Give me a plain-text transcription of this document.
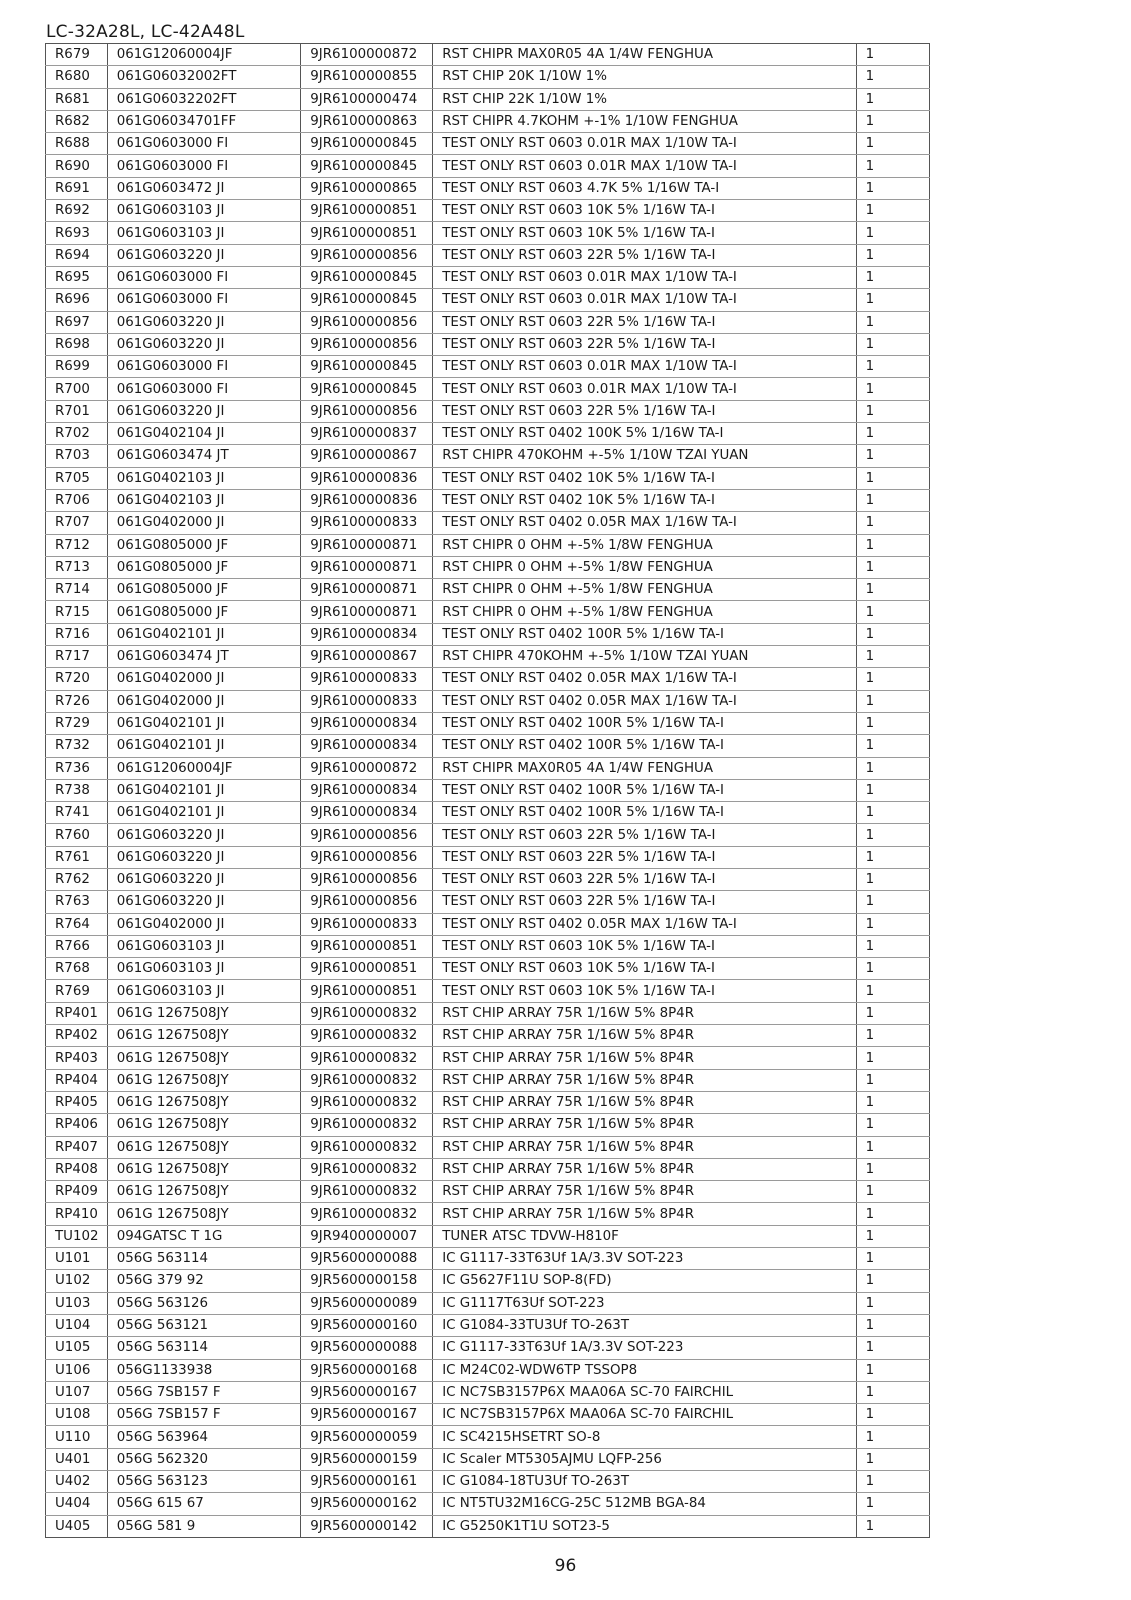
LC-32A28L, LC-42A48L
R679	061G12060004JF	9JR6100000872	RST CHIPR MAX0R05 4A 1/4W FENGHUA	1
R680	061G06032002FT	9JR6100000855	RST CHIP 20K 1/10W 1%	1
R681	061G06032202FT	9JR6100000474	RST CHIP 22K 1/10W 1%	1
R682	061G06034701FF	9JR6100000863	RST CHIPR 4.7KOHM +-1% 1/10W FENGHUA	1
R688	061G0603000 FI	9JR6100000845	TEST ONLY RST 0603 0.01R MAX 1/10W TA-I	1
R690	061G0603000 FI	9JR6100000845	TEST ONLY RST 0603 0.01R MAX 1/10W TA-I	1
R691	061G0603472 JI	9JR6100000865	TEST ONLY RST 0603 4.7K 5% 1/16W TA-I	1
R692	061G0603103 JI	9JR6100000851	TEST ONLY RST 0603 10K 5% 1/16W TA-I	1
R693	061G0603103 JI	9JR6100000851	TEST ONLY RST 0603 10K 5% 1/16W TA-I	1
R694	061G0603220 JI	9JR6100000856	TEST ONLY RST 0603 22R 5% 1/16W TA-I	1
R695	061G0603000 FI	9JR6100000845	TEST ONLY RST 0603 0.01R MAX 1/10W TA-I	1
R696	061G0603000 FI	9JR6100000845	TEST ONLY RST 0603 0.01R MAX 1/10W TA-I	1
R697	061G0603220 JI	9JR6100000856	TEST ONLY RST 0603 22R 5% 1/16W TA-I	1
R698	061G0603220 JI	9JR6100000856	TEST ONLY RST 0603 22R 5% 1/16W TA-I	1
R699	061G0603000 FI	9JR6100000845	TEST ONLY RST 0603 0.01R MAX 1/10W TA-I	1
R700	061G0603000 FI	9JR6100000845	TEST ONLY RST 0603 0.01R MAX 1/10W TA-I	1
R701	061G0603220 JI	9JR6100000856	TEST ONLY RST 0603 22R 5% 1/16W TA-I	1
R702	061G0402104 JI	9JR6100000837	TEST ONLY RST 0402 100K 5% 1/16W TA-I	1
R703	061G0603474 JT	9JR6100000867	RST CHIPR 470KOHM +-5% 1/10W TZAI YUAN	1
R705	061G0402103 JI	9JR6100000836	TEST ONLY RST 0402 10K 5% 1/16W TA-I	1
R706	061G0402103 JI	9JR6100000836	TEST ONLY RST 0402 10K 5% 1/16W TA-I	1
R707	061G0402000 JI	9JR6100000833	TEST ONLY RST 0402 0.05R MAX 1/16W TA-I	1
R712	061G0805000 JF	9JR6100000871	RST CHIPR 0 OHM +-5% 1/8W FENGHUA	1
R713	061G0805000 JF	9JR6100000871	RST CHIPR 0 OHM +-5% 1/8W FENGHUA	1
R714	061G0805000 JF	9JR6100000871	RST CHIPR 0 OHM +-5% 1/8W FENGHUA	1
R715	061G0805000 JF	9JR6100000871	RST CHIPR 0 OHM +-5% 1/8W FENGHUA	1
R716	061G0402101 JI	9JR6100000834	TEST ONLY RST 0402 100R 5% 1/16W TA-I	1
R717	061G0603474 JT	9JR6100000867	RST CHIPR 470KOHM +-5% 1/10W TZAI YUAN	1
R720	061G0402000 JI	9JR6100000833	TEST ONLY RST 0402 0.05R MAX 1/16W TA-I	1
R726	061G0402000 JI	9JR6100000833	TEST ONLY RST 0402 0.05R MAX 1/16W TA-I	1
R729	061G0402101 JI	9JR6100000834	TEST ONLY RST 0402 100R 5% 1/16W TA-I	1
R732	061G0402101 JI	9JR6100000834	TEST ONLY RST 0402 100R 5% 1/16W TA-I	1
R736	061G12060004JF	9JR6100000872	RST CHIPR MAX0R05 4A 1/4W FENGHUA	1
R738	061G0402101 JI	9JR6100000834	TEST ONLY RST 0402 100R 5% 1/16W TA-I	1
R741	061G0402101 JI	9JR6100000834	TEST ONLY RST 0402 100R 5% 1/16W TA-I	1
R760	061G0603220 JI	9JR6100000856	TEST ONLY RST 0603 22R 5% 1/16W TA-I	1
R761	061G0603220 JI	9JR6100000856	TEST ONLY RST 0603 22R 5% 1/16W TA-I	1
R762	061G0603220 JI	9JR6100000856	TEST ONLY RST 0603 22R 5% 1/16W TA-I	1
R763	061G0603220 JI	9JR6100000856	TEST ONLY RST 0603 22R 5% 1/16W TA-I	1
R764	061G0402000 JI	9JR6100000833	TEST ONLY RST 0402 0.05R MAX 1/16W TA-I	1
R766	061G0603103 JI	9JR6100000851	TEST ONLY RST 0603 10K 5% 1/16W TA-I	1
R768	061G0603103 JI	9JR6100000851	TEST ONLY RST 0603 10K 5% 1/16W TA-I	1
R769	061G0603103 JI	9JR6100000851	TEST ONLY RST 0603 10K 5% 1/16W TA-I	1
RP401	061G 1267508JY	9JR6100000832	RST CHIP ARRAY 75R 1/16W 5% 8P4R	1
RP402	061G 1267508JY	9JR6100000832	RST CHIP ARRAY 75R 1/16W 5% 8P4R	1
RP403	061G 1267508JY	9JR6100000832	RST CHIP ARRAY 75R 1/16W 5% 8P4R	1
RP404	061G 1267508JY	9JR6100000832	RST CHIP ARRAY 75R 1/16W 5% 8P4R	1
RP405	061G 1267508JY	9JR6100000832	RST CHIP ARRAY 75R 1/16W 5% 8P4R	1
RP406	061G 1267508JY	9JR6100000832	RST CHIP ARRAY 75R 1/16W 5% 8P4R	1
RP407	061G 1267508JY	9JR6100000832	RST CHIP ARRAY 75R 1/16W 5% 8P4R	1
RP408	061G 1267508JY	9JR6100000832	RST CHIP ARRAY 75R 1/16W 5% 8P4R	1
RP409	061G 1267508JY	9JR6100000832	RST CHIP ARRAY 75R 1/16W 5% 8P4R	1
RP410	061G 1267508JY	9JR6100000832	RST CHIP ARRAY 75R 1/16W 5% 8P4R	1
TU102	094GATSC T 1G	9JR9400000007	TUNER ATSC TDVW-H810F	1
U101	056G 563114	9JR5600000088	IC G1117-33T63Uf 1A/3.3V SOT-223	1
U102	056G 379 92	9JR5600000158	IC G5627F11U SOP-8(FD)	1
U103	056G 563126	9JR5600000089	IC G1117T63Uf SOT-223	1
U104	056G 563121	9JR5600000160	IC G1084-33TU3Uf TO-263T	1
U105	056G 563114	9JR5600000088	IC G1117-33T63Uf 1A/3.3V SOT-223	1
U106	056G1133938	9JR5600000168	IC M24C02-WDW6TP TSSOP8	1
U107	056G 7SB157 F	9JR5600000167	IC NC7SB3157P6X MAA06A SC-70 FAIRCHIL	1
U108	056G 7SB157 F	9JR5600000167	IC NC7SB3157P6X MAA06A SC-70 FAIRCHIL	1
U110	056G 563964	9JR5600000059	IC SC4215HSETRT SO-8	1
U401	056G 562320	9JR5600000159	IC Scaler MT5305AJMU LQFP-256	1
U402	056G 563123	9JR5600000161	IC G1084-18TU3Uf TO-263T	1
U404	056G 615 67	9JR5600000162	IC NT5TU32M16CG-25C 512MB BGA-84	1
U405	056G 581 9	9JR5600000142	IC G5250K1T1U SOT23-5	1
96
